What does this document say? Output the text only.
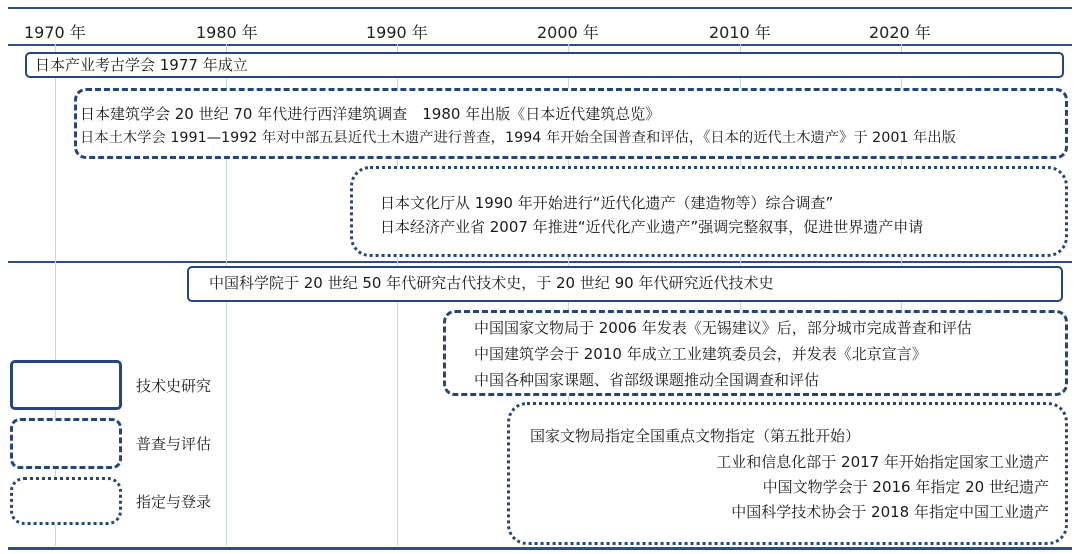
1970 年	1980 年	1990 年	2000 年	2010 年	2020 年
日本产业考古学会 1977 年成立
日本建筑学会 20 世纪 70 年代进行西洋建筑调查　1980 年出版《日本近代建筑总览》
日本土木学会 1991—1992 年对中部五县近代土木遗产进行普查，1994 年开始全国普查和评估，《日本的近代土木遗产》于 2001 年出版
日本文化厅从 1990 年开始进行“近代化遗产（建造物等）综合调查”
日本经济产业省 2007 年推进“近代化产业遗产”强调完整叙事，促进世界遗产申请
中国科学院于 20 世纪 50 年代研究古代技术史，于 20 世纪 90 年代研究近代技术史
中国国家文物局于 2006 年发表《无锡建议》后，部分城市完成普查和评估
中国建筑学会于 2010 年成立工业建筑委员会，并发表《北京宣言》
中国各种国家课题、省部级课题推动全国调查和评估
国家文物局指定全国重点文物指定（第五批开始）
工业和信息化部于 2017 年开始指定国家工业遗产
中国文物学会于 2016 年指定 20 世纪遗产
中国科学技术协会于 2018 年指定中国工业遗产
技术史研究
普查与评估
指定与登录
